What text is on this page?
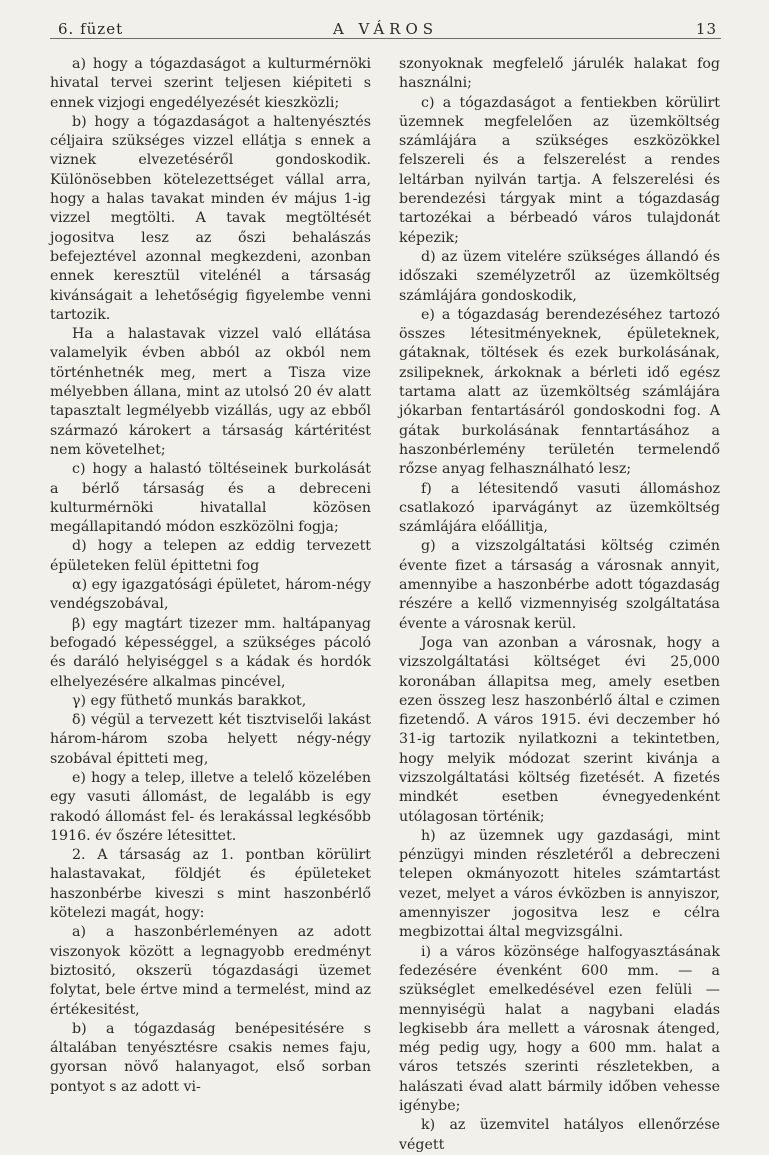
6. füzet	A VÁROS	13

a) hogy a tógazdaságot a kulturmérnöki hivatal tervei szerint teljesen kiépiteti s ennek vizjogi engedélyezését kieszközli;

b) hogy a tógazdaságot a haltenyésztés céljaira szükséges vizzel ellátja s ennek a viznek elvezetéséről gondoskodik. Különösebben kötelezettséget vállal arra, hogy a halas tavakat minden év május 1-ig vizzel megtölti. A tavak megtöltését jogositva lesz az őszi behalászás befejeztével azonnal megkezdeni, azonban ennek keresztül vitelénél a társaság kivánságait a lehetőségig figyelembe venni tartozik.

Ha a halastavak vizzel való ellátása valamelyik évben abból az okból nem történhetnék meg, mert a Tisza vize mélyebben állana, mint az utolsó 20 év alatt tapasztalt legmélyebb vizállás, ugy az ebből származó károkert a társaság kártéritést nem követelhet;

c) hogy a halastó töltéseinek burkolását a bérlő társaság és a debreceni kulturmérnöki hivatallal közösen megállapitandó módon eszközölni fogja;

d) hogy a telepen az eddig tervezett épületeken felül épittetni fog

α) egy igazgatósági épületet, három-négy vendégszobával,

β) egy magtárt tizezer mm. haltápanyag befogadó képességgel, a szükséges pácoló és daráló helyiséggel s a kádak és hordók elhelyezésére alkalmas pincével,

γ) egy füthető munkás barakkot,

δ) végül a tervezett két tisztviselői lakást három-három szoba helyett négy-négy szobával épitteti meg,

e) hogy a telep, illetve a telelő közelében egy vasuti állomást, de legalább is egy rakodó állomást fel- és lerakással legkésőbb 1916. év őszére létesittet.

2. A társaság az 1. pontban körülirt halastavakat, földjét és épületeket haszonbérbe kiveszi s mint haszonbérlő kötelezi magát, hogy:

a) a haszonbérleményen az adott viszonyok között a legnagyobb eredményt biztositó, okszerü tógazdasági üzemet folytat, bele értve mind a termelést, mind az értékesitést,

b) a tógazdaság benépesitésére s általában tenyésztésre csakis nemes faju, gyorsan növő halanyagot, első sorban pontyot s az adott vi-

szonyoknak megfelelő járulék halakat fog használni;

c) a tógazdaságot a fentiekben körülirt üzemnek megfelelően az üzemköltség számlájára a szükséges eszközökkel felszereli és a felszerelést a rendes leltárban nyilván tartja. A felszerelési és berendezési tárgyak mint a tógazdaság tartozékai a bérbeadó város tulajdonát képezik;

d) az üzem vitelére szükséges állandó és időszaki személyzetről az üzemköltség számlájára gondoskodik,

e) a tógazdaság berendezéséhez tartozó összes létesitményeknek, épületeknek, gátaknak, töltések és ezek burkolásának, zsilipeknek, árkoknak a bérleti idő egész tartama alatt az üzemköltség számlájára jókarban fentartásáról gondoskodni fog. A gátak burkolásának fenntartásához a haszonbérlemény területén termelendő rőzse anyag felhasználható lesz;

f) a létesitendő vasuti állomáshoz csatlakozó iparvágányt az üzemköltség számlájára előállitja,

g) a vizszolgáltatási költség czimén évente fizet a társaság a városnak annyit, amennyibe a haszonbérbe adott tógazdaság részére a kellő vizmennyiség szolgáltatása évente a városnak kerül.

Joga van azonban a városnak, hogy a vizszolgáltatási költséget évi 25,000 koronában állapitsa meg, amely esetben ezen összeg lesz haszonbérlő által e czimen fizetendő. A város 1915. évi deczember hó 31-ig tartozik nyilatkozni a tekintetben, hogy melyik módozat szerint kivánja a vizszolgáltatási költség fizetését. A fizetés mindkét esetben évnegyedenként utólagosan történik;

h) az üzemnek ugy gazdasági, mint pénzügyi minden részletéről a debreczeni telepen okmányozott hiteles számtartást vezet, melyet a város évközben is annyiszor, amennyiszer jogositva lesz e célra megbizottai által megvizsgálni.

i) a város közönsége halfogyasztásának fedezésére évenként 600 mm. — a szükséglet emelkedésével ezen felüli — mennyiségü halat a nagybani eladás legkisebb ára mellett a városnak átenged, még pedig ugy, hogy a 600 mm. halat a város tetszés szerinti részletekben, a halászati évad alatt bármily időben vehesse igénybe;

k) az üzemvitel hatályos ellenőrzése végett
